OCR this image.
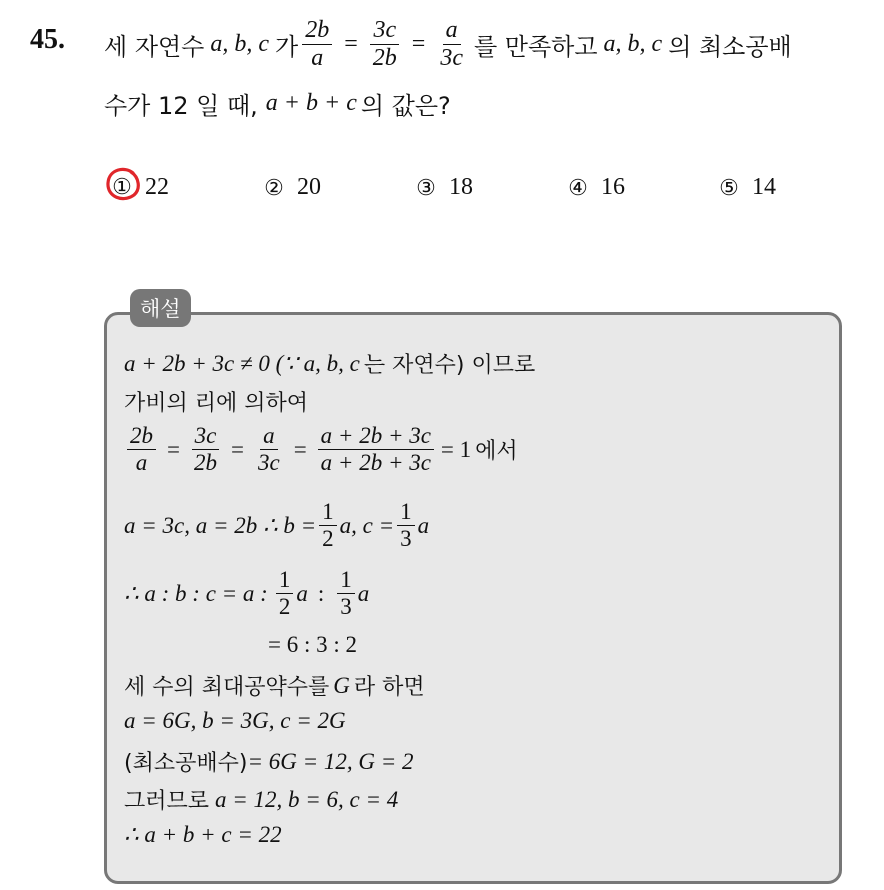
45. 세 자연수 a, b, c 가 $\frac{2b}{a} = \frac{3c}{2b} = \frac{a}{3c}$ 를 만족하고 a, b, c 의 최소공배
수가 12 일 때, a + b + c 의 값은?
① 22	② 20	③ 18	④ 16	⑤ 14
해설
a + 2b + 3c ≠ 0 (∵ a, b, c 는 자연수) 이므로
가비의 리에 의하여
$\frac{2b}{a} = \frac{3c}{2b} = \frac{a}{3c} = \frac{a + 2b + 3c}{a + 2b + 3c} = 1$ 에서
a = 3c, a = 2b ∴ $b = \frac{1}{2} a$, $c = \frac{1}{3}$ a
∴ a : b : c = a : $\frac{1}{2}$ a : $\frac{1}{3}$ a
= 6 : 3 : 2
세 수의 최대공약수를 G 라 하면
a = 6G, b = 3G, c = 2G
(최소공배수) = 6G = 12, G = 2
그러므로 a = 12, b = 6, c = 4
∴ a + b + c = 22
